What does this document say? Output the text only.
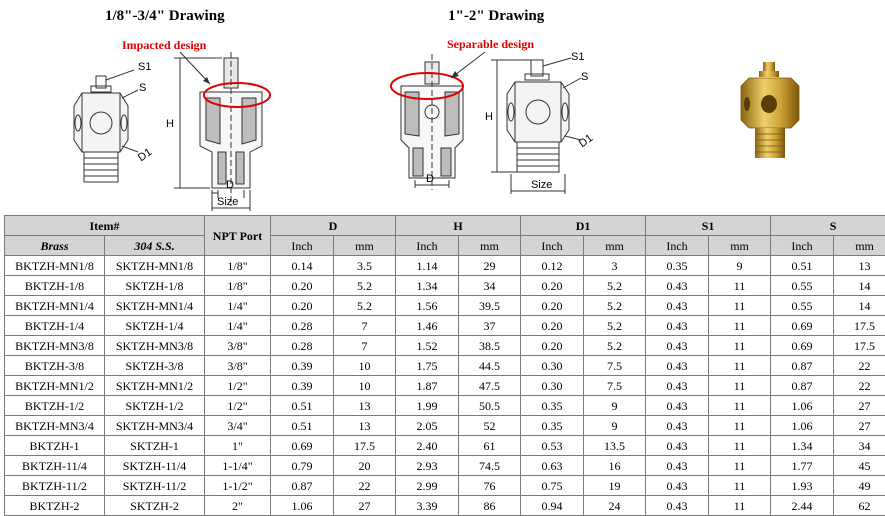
1/8"-3/4" Drawing	1"-2" Drawing
Impacted design	Separable design
S1
S
D1
H
D
Size
S1
S
D1
H
D	Size
Item#		NPT Port	D		H		D1		S1		S	
Brass	304 S.S.		Inch	mm	Inch	mm	Inch	mm	Inch	mm	Inch	mm
BKTZH-MN1/8	SKTZH-MN1/8	1/8"	0.14	3.5	1.14	29	0.12	3	0.35	9	0.51	13
BKTZH-1/8	SKTZH-1/8	1/8"	0.20	5.2	1.34	34	0.20	5.2	0.43	11	0.55	14
BKTZH-MN1/4	SKTZH-MN1/4	1/4"	0.20	5.2	1.56	39.5	0.20	5.2	0.43	11	0.55	14
BKTZH-1/4	SKTZH-1/4	1/4"	0.28	7	1.46	37	0.20	5.2	0.43	11	0.69	17.5
BKTZH-MN3/8	SKTZH-MN3/8	3/8"	0.28	7	1.52	38.5	0.20	5.2	0.43	11	0.69	17.5
BKTZH-3/8	SKTZH-3/8	3/8"	0.39	10	1.75	44.5	0.30	7.5	0.43	11	0.87	22
BKTZH-MN1/2	SKTZH-MN1/2	1/2"	0.39	10	1.87	47.5	0.30	7.5	0.43	11	0.87	22
BKTZH-1/2	SKTZH-1/2	1/2"	0.51	13	1.99	50.5	0.35	9	0.43	11	1.06	27
BKTZH-MN3/4	SKTZH-MN3/4	3/4"	0.51	13	2.05	52	0.35	9	0.43	11	1.06	27
BKTZH-1	SKTZH-1	1"	0.69	17.5	2.40	61	0.53	13.5	0.43	11	1.34	34
BKTZH-11/4	SKTZH-11/4	1-1/4"	0.79	20	2.93	74.5	0.63	16	0.43	11	1.77	45
BKTZH-11/2	SKTZH-11/2	1-1/2"	0.87	22	2.99	76	0.75	19	0.43	11	1.93	49
BKTZH-2	SKTZH-2	2"	1.06	27	3.39	86	0.94	24	0.43	11	2.44	62
